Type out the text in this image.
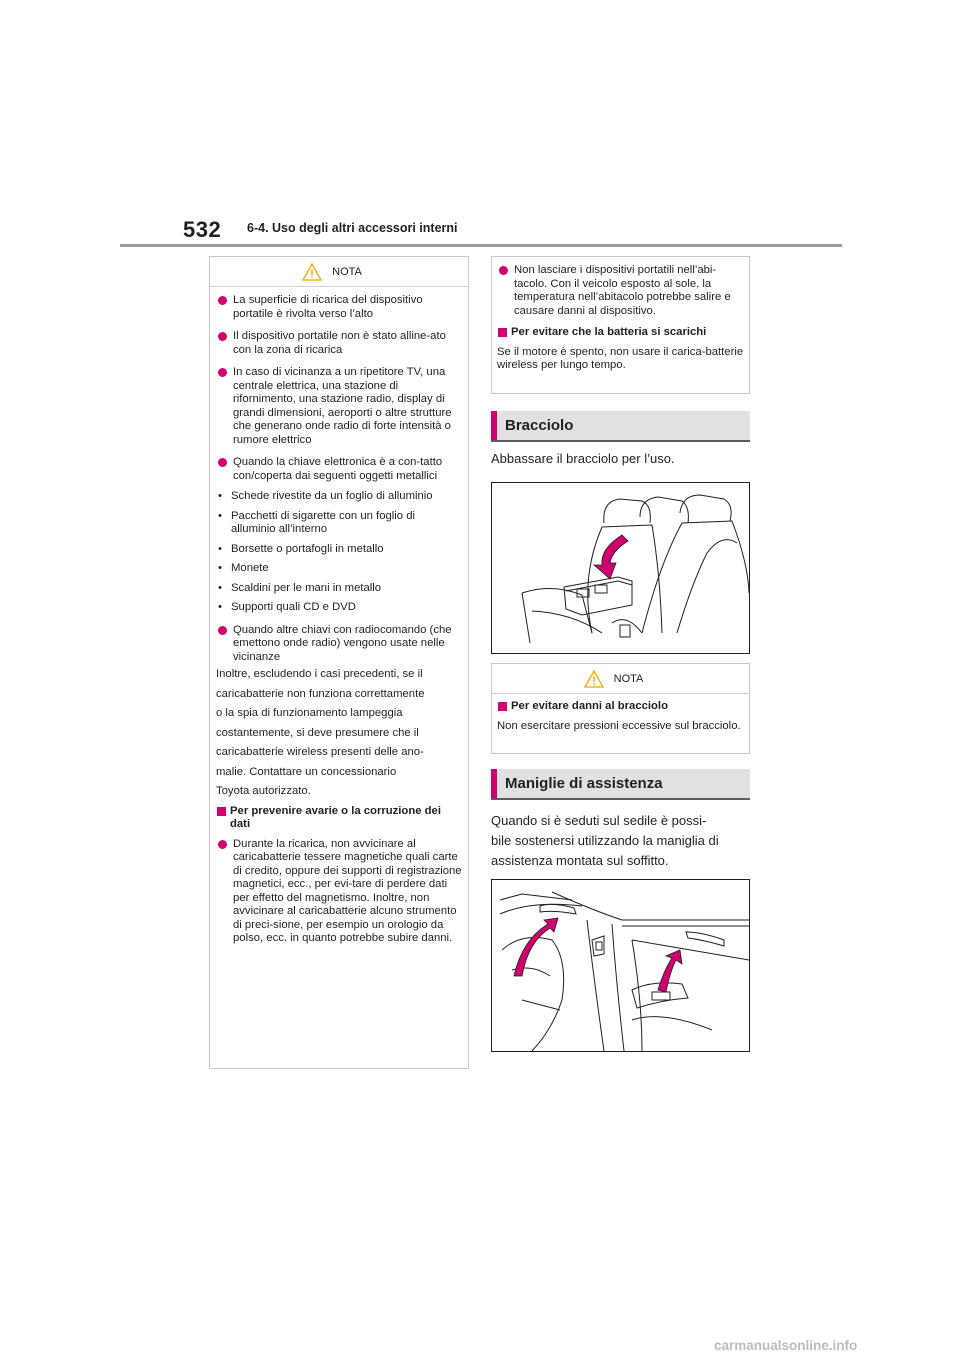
532 6-4. Uso degli altri accessori interni
NOTA
La superficie di ricarica del dispositivo portatile è rivolta verso l’alto
Il dispositivo portatile non è stato alline-ato con la zona di ricarica
In caso di vicinanza a un ripetitore TV, una centrale elettrica, una stazione di rifornimento, una stazione radio, display di grandi dimensioni, aeroporti o altre strutture che generano onde radio di forte intensità o rumore elettrico
Quando la chiave elettronica è a con-tatto con/coperta dai seguenti oggetti metallici
• Schede rivestite da un foglio di alluminio
• Pacchetti di sigarette con un foglio di alluminio all’interno
• Borsette o portafogli in metallo
• Monete
• Scaldini per le mani in metallo
• Supporti quali CD e DVD
Quando altre chiavi con radiocomando (che emettono onde radio) vengono usate nelle vicinanze
Inoltre, escludendo i casi precedenti, se il
caricabatterie non funziona correttamente
o la spia di funzionamento lampeggia
costantemente, si deve presumere che il
caricabatterie wireless presenti delle ano-
malie. Contattare un concessionario
Toyota autorizzato.
Per prevenire avarie o la corruzione dei dati
Durante la ricarica, non avvicinare al caricabatterie tessere magnetiche quali carte di credito, oppure dei supporti di registrazione magnetici, ecc., per evi-tare di perdere dati per effetto del magnetismo. Inoltre, non avvicinare al caricabatterie alcuno strumento di preci-sione, per esempio un orologio da polso, ecc. in quanto potrebbe subire danni.
Non lasciare i dispositivi portatili nell’abi-tacolo. Con il veicolo esposto al sole, la temperatura nell’abitacolo potrebbe salire e causare danni al dispositivo.
Per evitare che la batteria si scarichi
Se il motore è spento, non usare il carica-batterie wireless per lungo tempo.
Bracciolo
Abbassare il bracciolo per l’uso.
NOTA
Per evitare danni al bracciolo
Non esercitare pressioni eccessive sul bracciolo.
Maniglie di assistenza
Quando si è seduti sul sedile è possi-
bile sostenersi utilizzando la maniglia di
assistenza montata sul soffitto.
carmanualsonline.info
